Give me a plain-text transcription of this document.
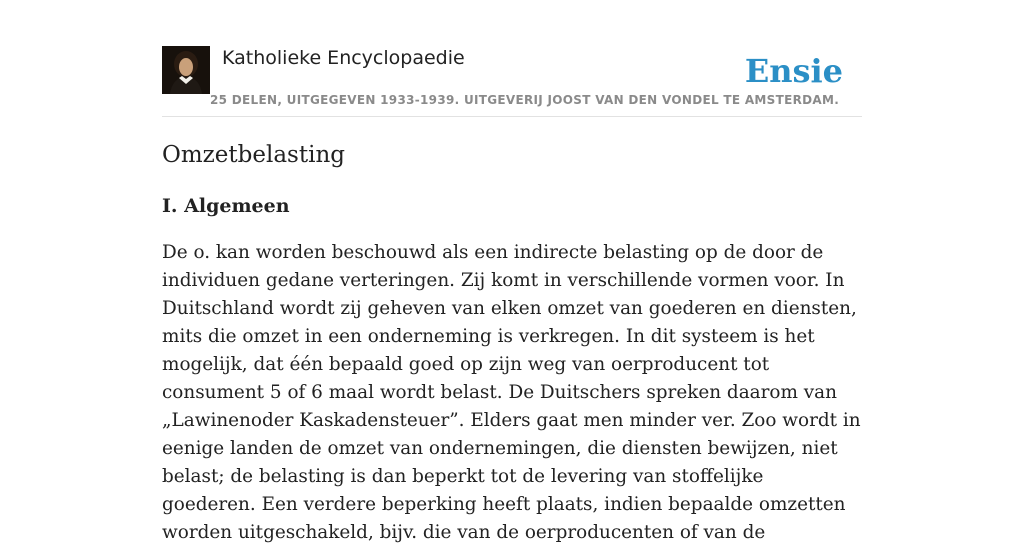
Katholieke Encyclopaedie
25 DELEN, UITGEGEVEN 1933-1939. UITGEVERIJ JOOST VAN DEN VONDEL TE AMSTERDAM.
Ensie
Omzetbelasting
I. Algemeen

De o. kan worden beschouwd als een indirecte belasting op de door de individuen gedane verteringen. Zij komt in verschillende vormen voor. In Duitschland wordt zij geheven van elken omzet van goederen en diensten, mits die omzet in een onderneming is verkregen. In dit systeem is het mogelijk, dat één bepaald goed op zijn weg van oerproducent tot consument 5 of 6 maal wordt belast. De Duitschers spreken daarom van „Lawinenoder Kaskadensteuer”. Elders gaat men minder ver. Zoo wordt in eenige landen de omzet van ondernemingen, die diensten bewijzen, niet belast; de belasting is dan beperkt tot de levering van stoffelijke goederen. Een verdere beperking heeft plaats, indien bepaalde omzetten worden uitgeschakeld, bijv. die van de oerproducenten of van de
